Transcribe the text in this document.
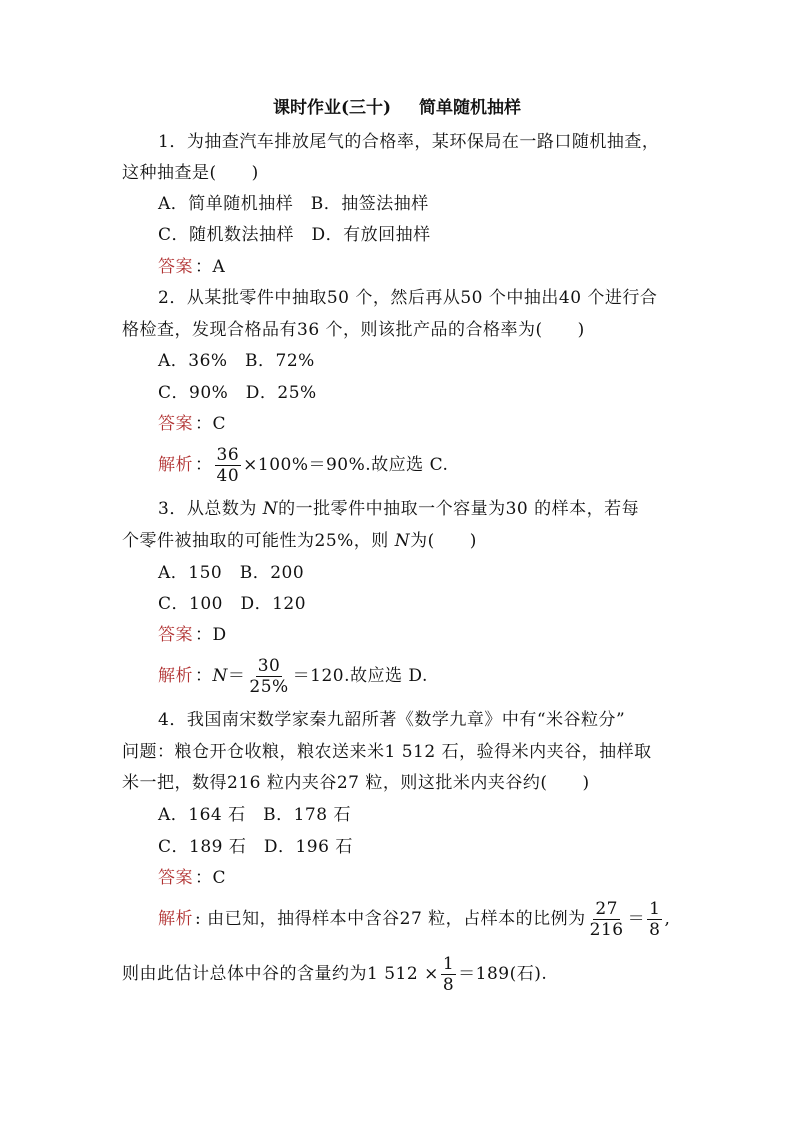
课时作业(三十) 简单随机抽样
1．为抽查汽车排放尾气的合格率，某环保局在一路口随机抽查，
这种抽查是(　　)
A．简单随机抽样　B．抽签法抽样
C．随机数法抽样　D．有放回抽样
答案 ：A
2．从某批零件中抽取50 个，然后再从50 个中抽出40 个进行合
格检查，发现合格品有36 个，则该批产品的合格率为(　　)
A．36%　B．72%
C．90%　D．25%
答案 ：C
解析 ： $\frac{36}{40} \times 100\%=90\%$.故应选 C.
3．从总数为 N的一批零件中抽取一个容量为30 的样本，若每
个零件被抽取的可能性为25%，则 N为(　　)
A．150　B．200
C．100　D．120
答案 ：D
解析 ：$N= \frac{30}{25\%} =120$.故应选 D.
4．我国南宋数学家秦九韶所著《数学九章》中有“米谷粒分”
问题：粮仓开仓收粮，粮农送来米1 512 石，验得米内夹谷，抽样取
米一把，数得216 粒内夹谷27 粒，则这批米内夹谷约(　　)
A．164 石　B．178 石
C．189 石　D．196 石
答案 ：C
解析 : 由已知，抽得样本中含谷27 粒，占样本的比例为 $\frac{27}{216} = \frac{1}{8}$ ,
则由此估计总体中谷的含量约为1 $512 \times \frac{1}{8} =189$(石).
